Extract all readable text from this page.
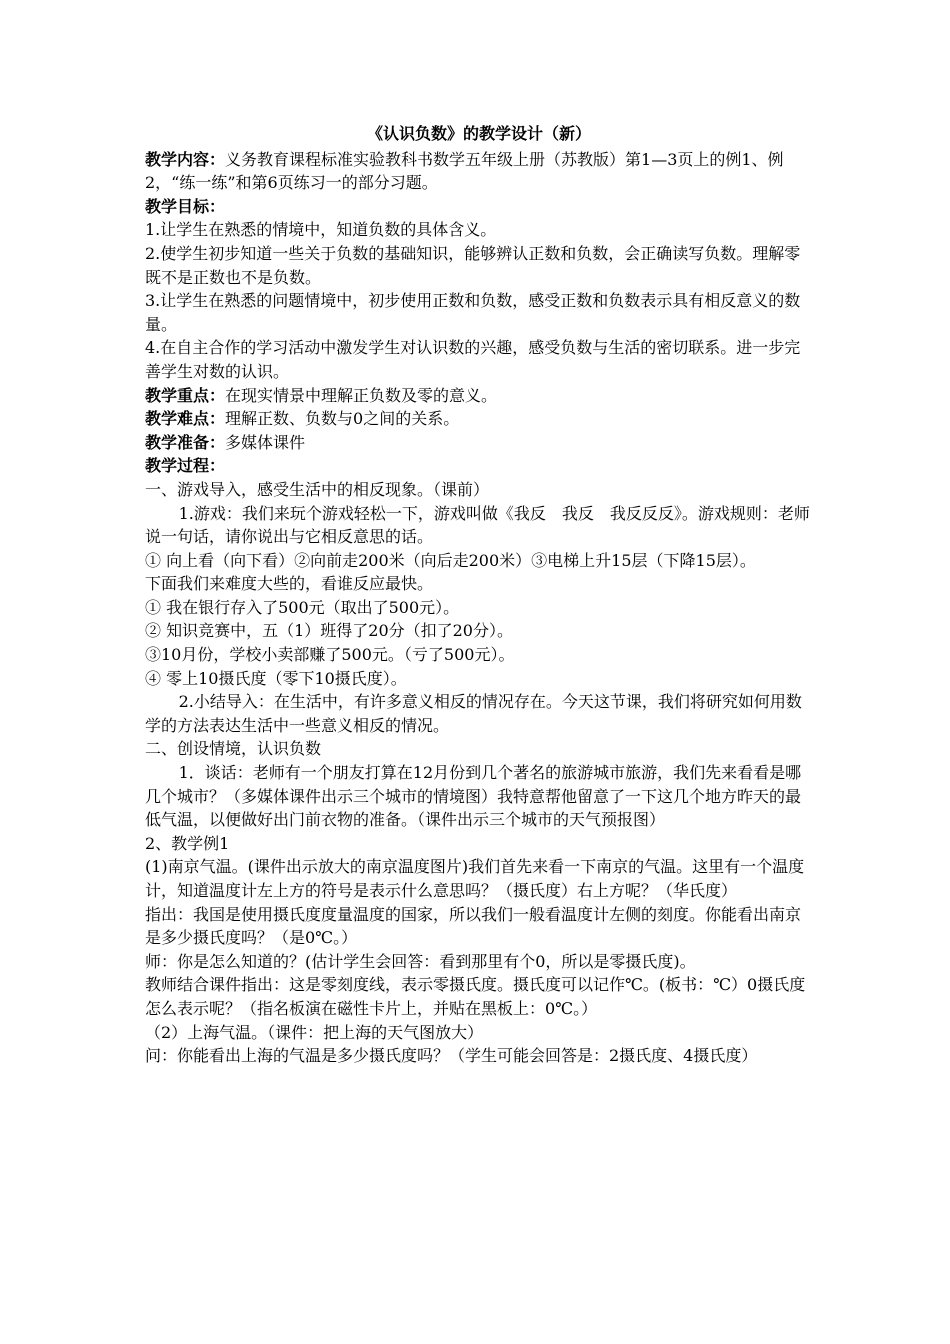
《认识负数》的教学设计（新）

教学内容：义务教育课程标准实验教科书数学五年级上册（苏教版）第1—3页上的例1、例2，“练一练”和第6页练习一的部分习题。

教学目标：

1.让学生在熟悉的情境中，知道负数的具体含义。

2.使学生初步知道一些关于负数的基础知识，能够辨认正数和负数，会正确读写负数。理解零既不是正数也不是负数。

3.让学生在熟悉的问题情境中，初步使用正数和负数，感受正数和负数表示具有相反意义的数量。

4.在自主合作的学习活动中激发学生对认识数的兴趣，感受负数与生活的密切联系。进一步完善学生对数的认识。

教学重点：在现实情景中理解正负数及零的意义。

教学难点：理解正数、负数与0之间的关系。

教学准备：多媒体课件

教学过程：

一、游戏导入，感受生活中的相反现象。（课前）

1.游戏：我们来玩个游戏轻松一下，游戏叫做《我反　我反　我反反反》。游戏规则：老师说一句话，请你说出与它相反意思的话。

① 向上看（向下看）②向前走200米（向后走200米）③电梯上升15层（下降15层）。

下面我们来难度大些的，看谁反应最快。

① 我在银行存入了500元（取出了500元）。

② 知识竞赛中，五（1）班得了20分（扣了20分）。

③10月份，学校小卖部赚了500元。（亏了500元）。

④ 零上10摄氏度（零下10摄氏度）。

2.小结导入：在生活中，有许多意义相反的情况存在。今天这节课，我们将研究如何用数学的方法表达生活中一些意义相反的情况。

二、创设情境，认识负数

1．谈话：老师有一个朋友打算在12月份到几个著名的旅游城市旅游，我们先来看看是哪几个城市？（多媒体课件出示三个城市的情境图）我特意帮他留意了一下这几个地方昨天的最低气温，以便做好出门前衣物的准备。（课件出示三个城市的天气预报图）

2、教学例1

(1)南京气温。(课件出示放大的南京温度图片)我们首先来看一下南京的气温。这里有一个温度计，知道温度计左上方的符号是表示什么意思吗？（摄氏度）右上方呢？（华氏度）

指出：我国是使用摄氏度度量温度的国家，所以我们一般看温度计左侧的刻度。你能看出南京是多少摄氏度吗？（是0℃。）

师：你是怎么知道的？(估计学生会回答：看到那里有个0，所以是零摄氏度)。

教师结合课件指出：这是零刻度线，表示零摄氏度。摄氏度可以记作℃。(板书：℃）0摄氏度怎么表示呢？（指名板演在磁性卡片上，并贴在黑板上：0℃。）

（2）上海气温。（课件：把上海的天气图放大）

问：你能看出上海的气温是多少摄氏度吗？（学生可能会回答是：2摄氏度、4摄氏度）
